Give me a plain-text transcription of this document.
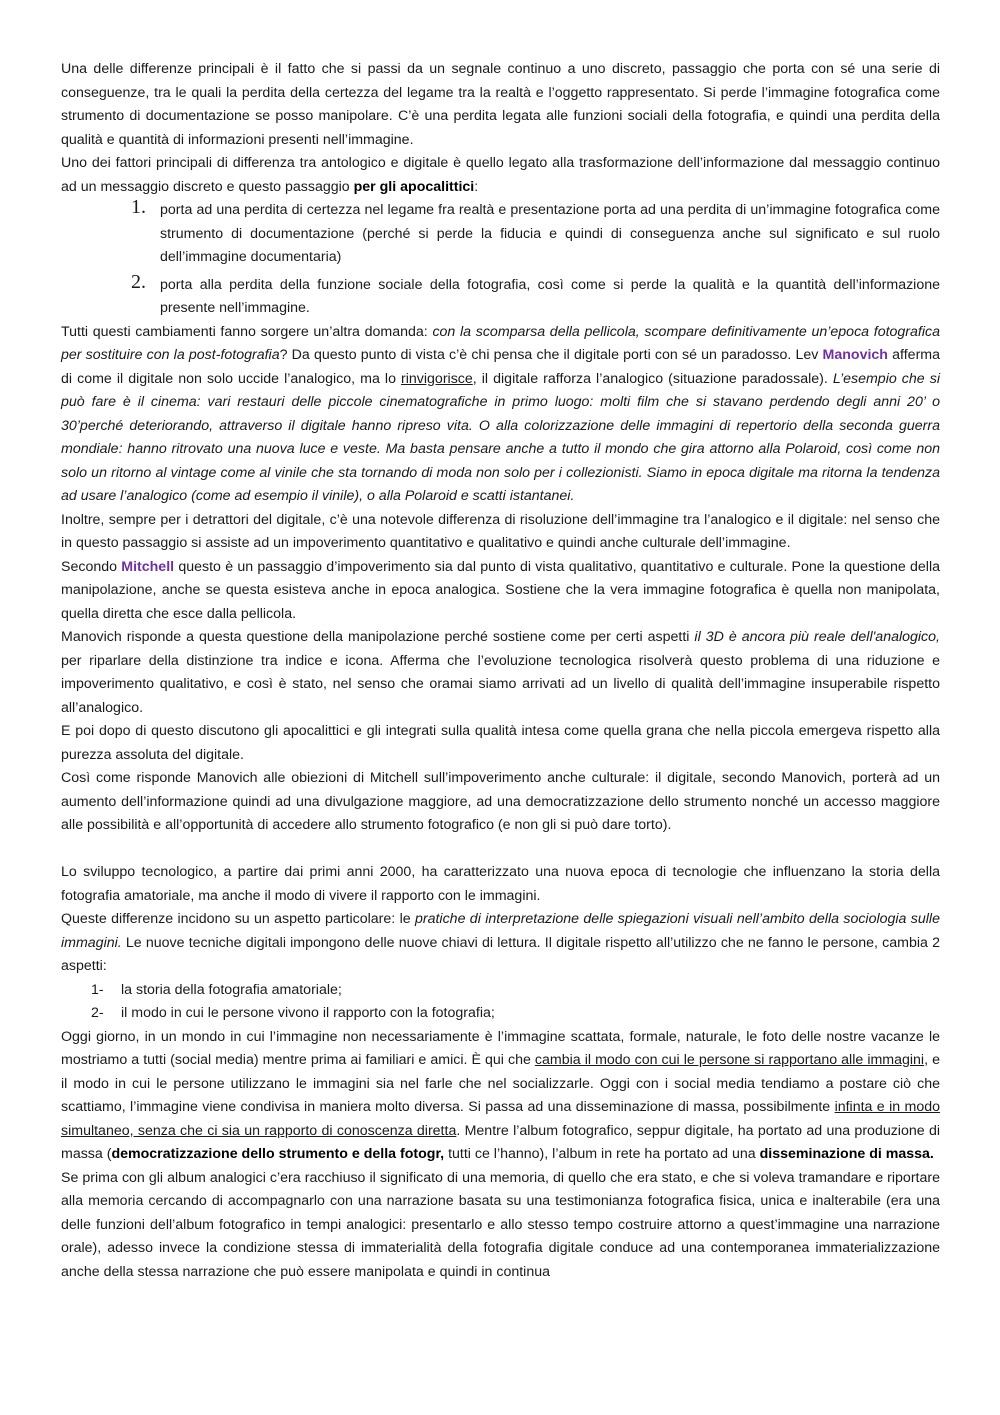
Una delle differenze principali è il fatto che si passi da un segnale continuo a uno discreto, passaggio che porta con sé una serie di conseguenze, tra le quali la perdita della certezza del legame tra la realtà e l’oggetto rappresentato. Si perde l’immagine fotografica come strumento di documentazione se posso manipolare. C’è una perdita legata alle funzioni sociali della fotografia, e quindi una perdita della qualità e quantità di informazioni presenti nell’immagine.

Uno dei fattori principali di differenza tra antologico e digitale è quello legato alla trasformazione dell’informazione dal messaggio continuo ad un messaggio discreto e questo passaggio per gli apocalittici:

1. porta ad una perdita di certezza nel legame fra realtà e presentazione porta ad una perdita di un’immagine fotografica come strumento di documentazione (perché si perde la fiducia e quindi di conseguenza anche sul significato e sul ruolo dell’immagine documentaria)
2. porta alla perdita della funzione sociale della fotografia, così come si perde la qualità e la quantità dell’informazione presente nell’immagine.

Tutti questi cambiamenti fanno sorgere un’altra domanda: con la scomparsa della pellicola, scompare definitivamente un’epoca fotografica per sostituire con la post-fotografia? Da questo punto di vista c’è chi pensa che il digitale porti con sé un paradosso. Lev Manovich afferma di come il digitale non solo uccide l’analogico, ma lo rinvigorisce, il digitale rafforza l’analogico (situazione paradossale). L’esempio che si può fare è il cinema: vari restauri delle piccole cinematografiche in primo luogo: molti film che si stavano perdendo degli anni 20’ o 30’perché deteriorando, attraverso il digitale hanno ripreso vita. O alla colorizzazione delle immagini di repertorio della seconda guerra mondiale: hanno ritrovato una nuova luce e veste. Ma basta pensare anche a tutto il mondo che gira attorno alla Polaroid, così come non solo un ritorno al vintage come al vinile che sta tornando di moda non solo per i collezionisti. Siamo in epoca digitale ma ritorna la tendenza ad usare l’analogico (come ad esempio il vinile), o alla Polaroid e scatti istantanei.

Inoltre, sempre per i detrattori del digitale, c’è una notevole differenza di risoluzione dell’immagine tra l’analogico e il digitale: nel senso che in questo passaggio si assiste ad un impoverimento quantitativo e qualitativo e quindi anche culturale dell’immagine.

Secondo Mitchell questo è un passaggio d’impoverimento sia dal punto di vista qualitativo, quantitativo e culturale. Pone la questione della manipolazione, anche se questa esisteva anche in epoca analogica. Sostiene che la vera immagine fotografica è quella non manipolata, quella diretta che esce dalla pellicola.

Manovich risponde a questa questione della manipolazione perché sostiene come per certi aspetti il 3D è ancora più reale dell'analogico, per riparlare della distinzione tra indice e icona. Afferma che l’evoluzione tecnologica risolverà questo problema di una riduzione e impoverimento qualitativo, e così è stato, nel senso che oramai siamo arrivati ad un livello di qualità dell’immagine insuperabile rispetto all’analogico.

E poi dopo di questo discutono gli apocalittici e gli integrati sulla qualità intesa come quella grana che nella piccola emergeva rispetto alla purezza assoluta del digitale.

Così come risponde Manovich alle obiezioni di Mitchell sull’impoverimento anche culturale: il digitale, secondo Manovich, porterà ad un aumento dell’informazione quindi ad una divulgazione maggiore, ad una democratizzazione dello strumento nonché un accesso maggiore alle possibilità e all’opportunità di accedere allo strumento fotografico (e non gli si può dare torto).

Lo sviluppo tecnologico, a partire dai primi anni 2000, ha caratterizzato una nuova epoca di tecnologie che influenzano la storia della fotografia amatoriale, ma anche il modo di vivere il rapporto con le immagini.

Queste differenze incidono su un aspetto particolare: le pratiche di interpretazione delle spiegazioni visuali nell’ambito della sociologia sulle immagini. Le nuove tecniche digitali impongono delle nuove chiavi di lettura. Il digitale rispetto all’utilizzo che ne fanno le persone, cambia 2 aspetti:

1- la storia della fotografia amatoriale;
2- il modo in cui le persone vivono il rapporto con la fotografia;

Oggi giorno, in un mondo in cui l’immagine non necessariamente è l’immagine scattata, formale, naturale, le foto delle nostre vacanze le mostriamo a tutti (social media) mentre prima ai familiari e amici. È qui che cambia il modo con cui le persone si rapportano alle immagini, e il modo in cui le persone utilizzano le immagini sia nel farle che nel socializzarle. Oggi con i social media tendiamo a postare ciò che scattiamo, l’immagine viene condivisa in maniera molto diversa. Si passa ad una disseminazione di massa, possibilmente infinta e in modo simultaneo, senza che ci sia un rapporto di conoscenza diretta. Mentre l’album fotografico, seppur digitale, ha portato ad una produzione di massa (democratizzazione dello strumento e della fotogr, tutti ce l’hanno), l’album in rete ha portato ad una disseminazione di massa.

Se prima con gli album analogici c’era racchiuso il significato di una memoria, di quello che era stato, e che si voleva tramandare e riportare alla memoria cercando di accompagnarlo con una narrazione basata su una testimonianza fotografica fisica, unica e inalterabile (era una delle funzioni dell’album fotografico in tempi analogici: presentarlo e allo stesso tempo costruire attorno a quest’immagine una narrazione orale), adesso invece la condizione stessa di immaterialità della fotografia digitale conduce ad una contemporanea immaterializzazione anche della stessa narrazione che può essere manipolata e quindi in continua
